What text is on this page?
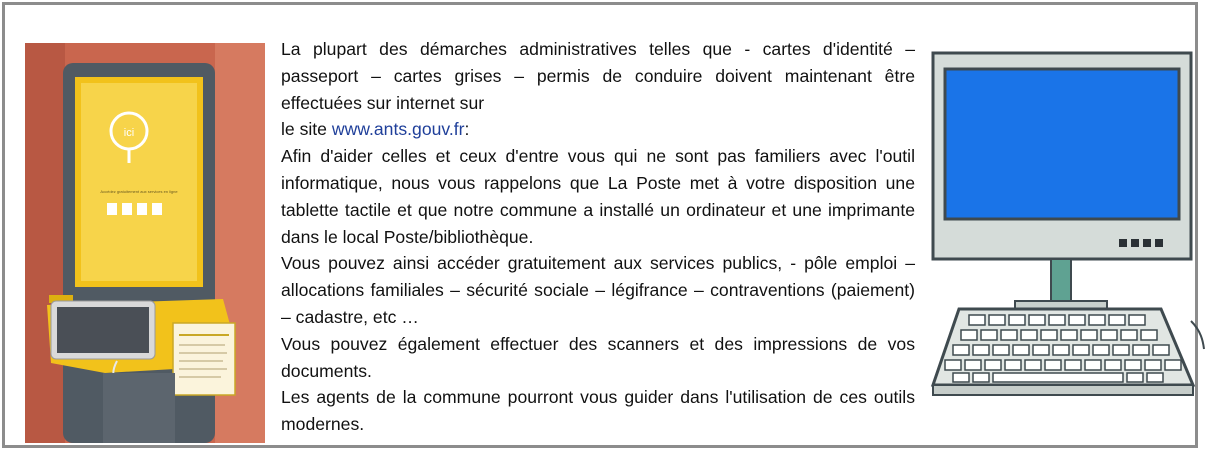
ici
Accédez gratuitement aux services en ligne

La plupart des démarches administratives telles que - cartes d'identité – passeport – cartes grises – permis de conduire doivent maintenant être effectuées sur internet sur

le site www.ants.gouv.fr:

Afin d'aider celles et ceux d'entre vous qui ne sont pas familiers avec l'outil informatique, nous vous rappelons que La Poste met à votre disposition une tablette tactile et que notre commune a installé un ordinateur et une imprimante dans le local Poste/bibliothèque.

Vous pouvez ainsi accéder gratuitement aux services publics, - pôle emploi – allocations familiales – sécurité sociale – légifrance – contraventions (paiement) – cadastre, etc …

Vous pouvez également effectuer des scanners et des impressions de vos documents.

Les agents de la commune pourront vous guider dans l'utilisation de ces outils modernes.
